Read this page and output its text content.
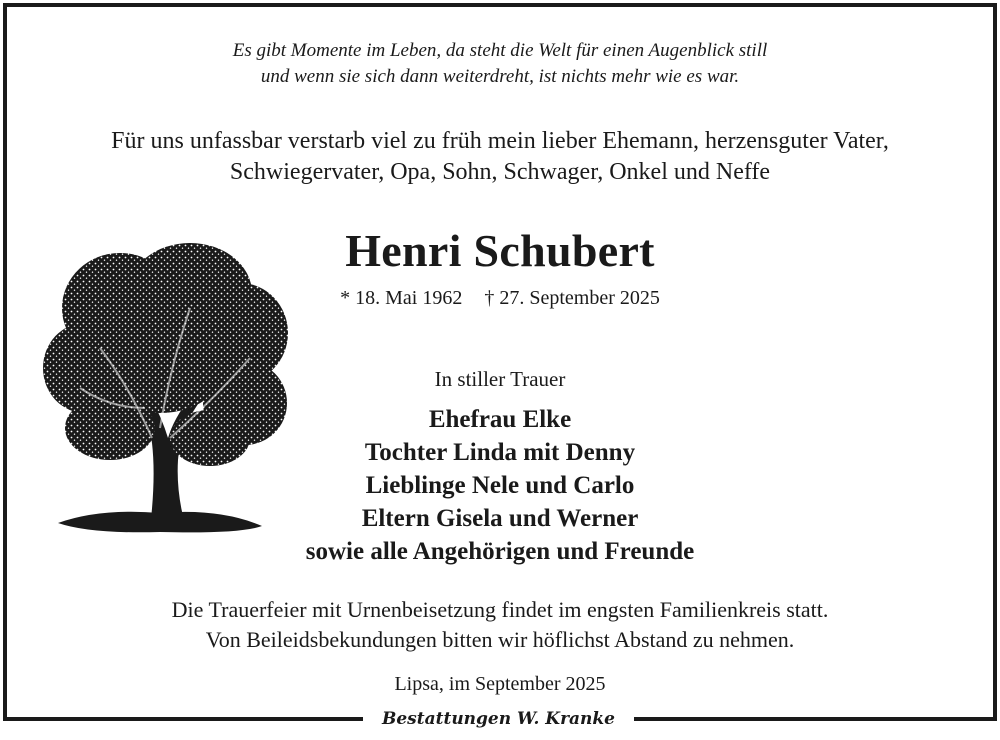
Es gibt Momente im Leben, da steht die Welt für einen Augenblick still
und wenn sie sich dann weiterdreht, ist nichts mehr wie es war.
Für uns unfassbar verstarb viel zu früh mein lieber Ehemann, herzensguter Vater,
Schwiegervater, Opa, Sohn, Schwager, Onkel und Neffe
Henri Schubert
* 18. Mai 1962 † 27. September 2025
In stiller Trauer
Ehefrau Elke
Tochter Linda mit Denny
Lieblinge Nele und Carlo
Eltern Gisela und Werner
sowie alle Angehörigen und Freunde
Die Trauerfeier mit Urnenbeisetzung findet im engsten Familienkreis statt.
Von Beileidsbekundungen bitten wir höflichst Abstand zu nehmen.
Lipsa, im September 2025
Bestattungen W. Kranke
